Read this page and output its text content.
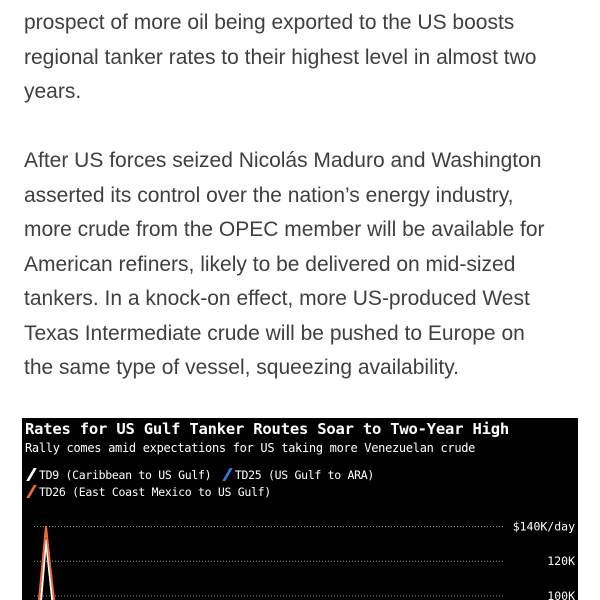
prospect of more oil being exported to the US boosts
regional tanker rates to their highest level in almost two
years.

After US forces seized Nicolás Maduro and Washington
asserted its control over the nation’s energy industry,
more crude from the OPEC member will be available for
American refiners, likely to be delivered on mid-sized
tankers. In a knock-on effect, more US-produced West
Texas Intermediate crude will be pushed to Europe on
the same type of vessel, squeezing availability.

Rates for US Gulf Tanker Routes Soar to Two-Year High
Rally comes amid expectations for US taking more Venezuelan crude
TD9 (Caribbean to US Gulf) TD25 (US Gulf to ARA)
TD26 (East Coast Mexico to US Gulf)
$140K/day
120K
100K
